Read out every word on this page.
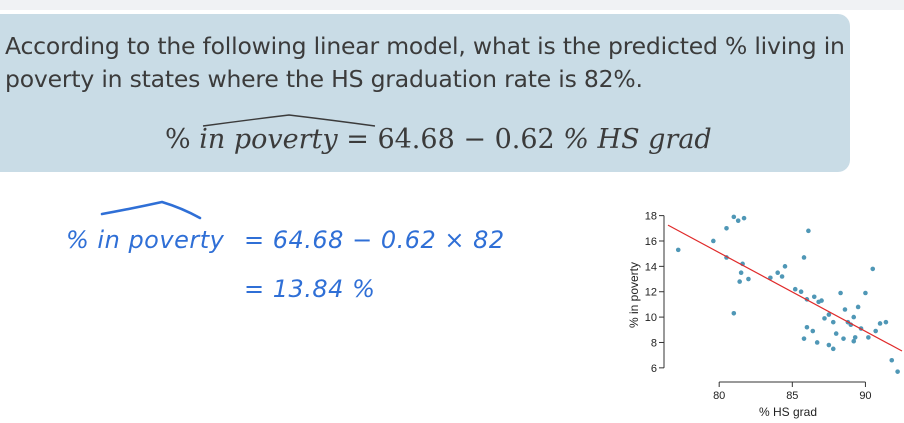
According to the following linear model, what is the predicted % living in
poverty in states where the HS graduation rate is 82%.
% in poverty = 64.68 − 0.62 % HS grad
% in poverty = 64.68 − 0.62 × 82
= 13.84 %
6
8
10
12
14
16
18
80	85	90
% HS grad
% in poverty
